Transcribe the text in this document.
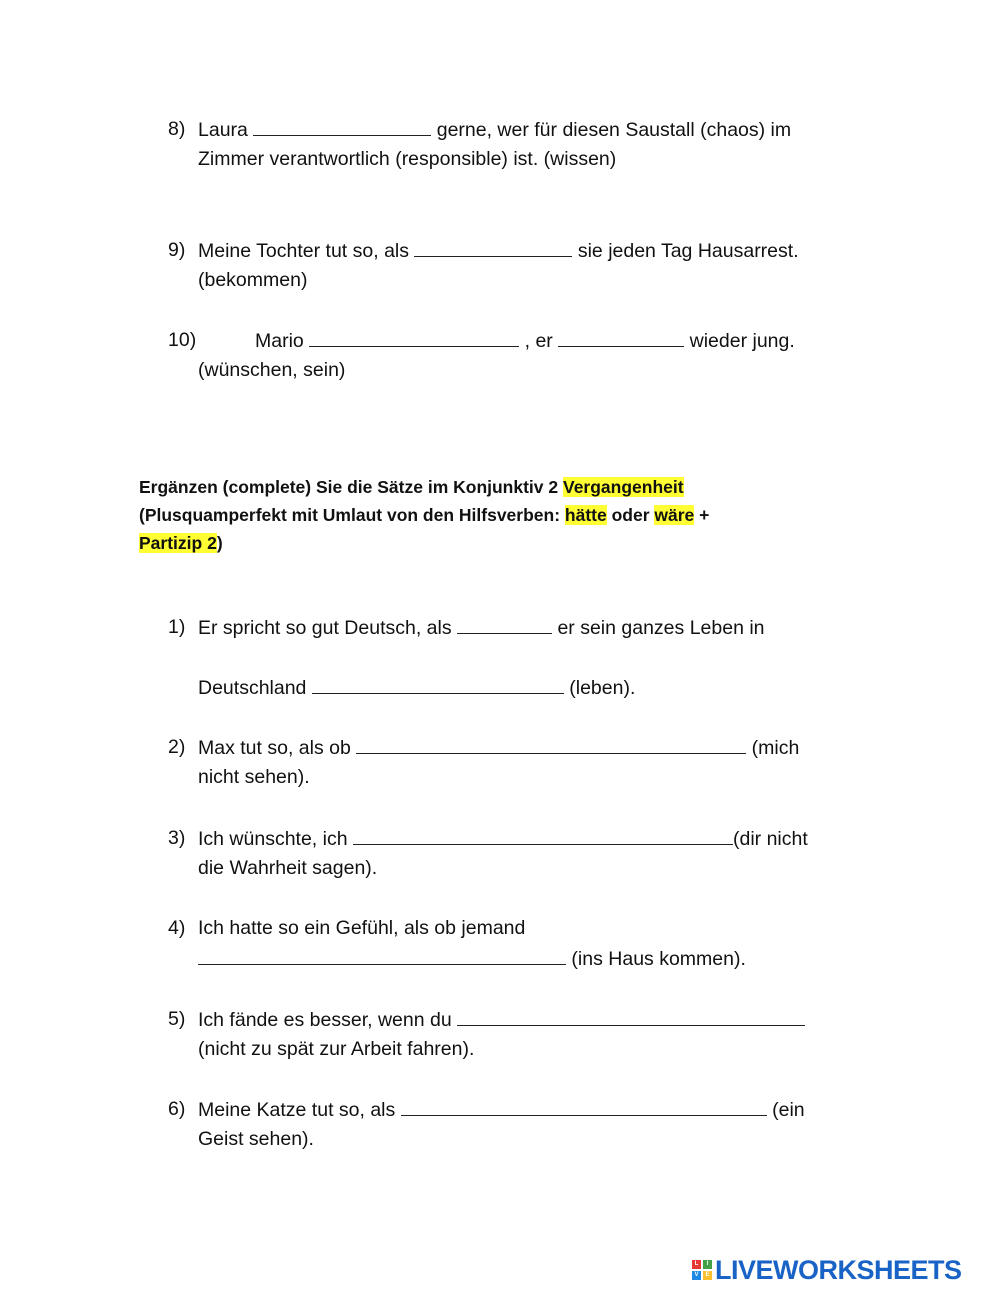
8) Laura	gerne, wer für diesen Saustall (chaos) im
Zimmer verantwortlich (responsible) ist. (wissen)
9) Meine Tochter tut so, als	sie jeden Tag Hausarrest.
(bekommen)
10)	Mario	, er	wieder jung.
(wünschen, sein)
Ergänzen (complete) Sie die Sätze im Konjunktiv 2 Vergangenheit
(Plusquamperfekt mit Umlaut von den Hilfsverben: hätte oder wäre +
Partizip 2)
1) Er spricht so gut Deutsch, als	er sein ganzes Leben in
Deutschland	(leben).
2) Max tut so, als ob	(mich
nicht sehen).
3) Ich wünschte, ich	(dir nicht
die Wahrheit sagen).
4) Ich hatte so ein Gefühl, als ob jemand
(ins Haus kommen).
5) Ich fände es besser, wenn du
(nicht zu spät zur Arbeit fahren).
6) Meine Katze tut so, als	(ein
Geist sehen).
L	I
V	E LIVEWORKSHEETS
